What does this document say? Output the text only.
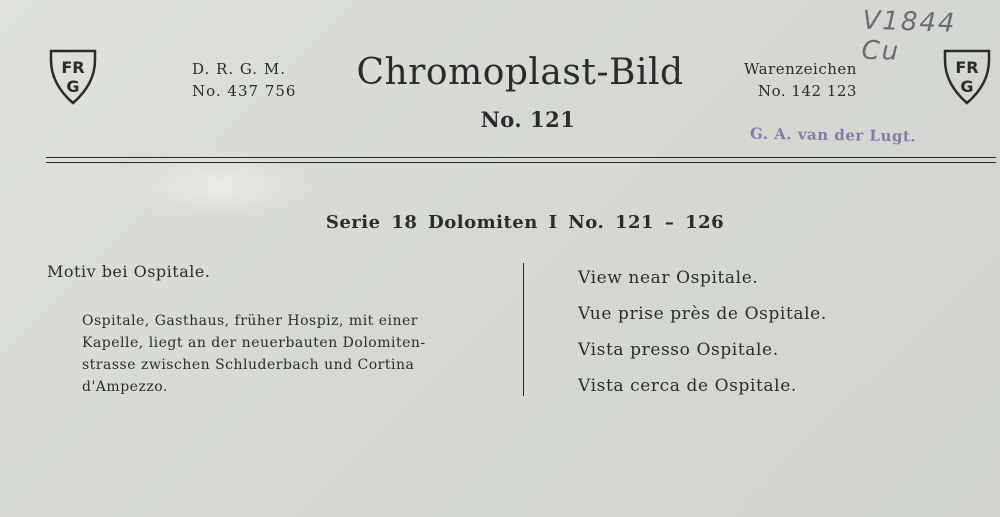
V1844 Cu
FR
G
D. R. G. M.
No. 437 756	Chromoplast-Bild
No. 121
Warenzeichen
No. 142 123
G. A. van der Lugt.
FR
G
Serie 18 Dolomiten I No. 121 – 126
Motiv bei Ospitale.
Ospitale, Gasthaus, früher Hospiz, mit einer
Kapelle, liegt an der neuerbauten Dolomiten-
strasse zwischen Schluderbach und Cortina
d'Ampezzo.
View near Ospitale.
Vue prise près de Ospitale.
Vista presso Ospitale.
Vista cerca de Ospitale.
